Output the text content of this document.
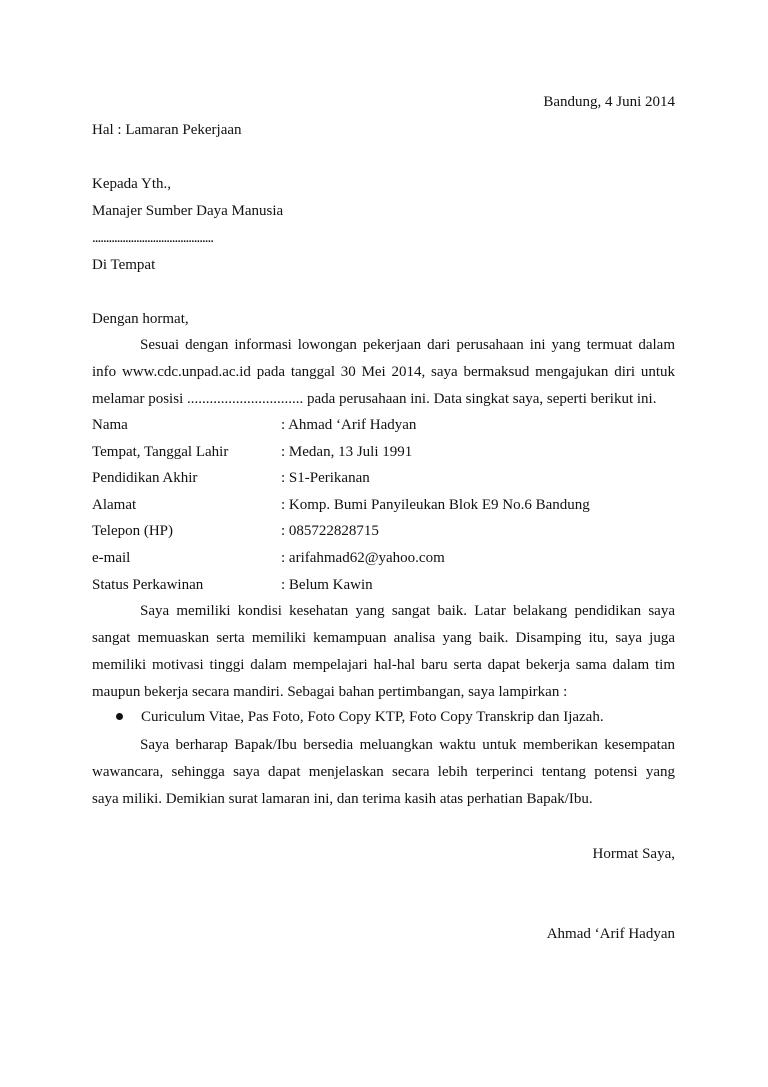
Bandung, 4 Juni 2014
Hal : Lamaran Pekerjaan
Kepada Yth.,
Manajer Sumber Daya Manusia
............................................
Di Tempat
Dengan hormat,
Sesuai dengan informasi lowongan pekerjaan dari perusahaan ini yang termuat dalam
info www.cdc.unpad.ac.id pada tanggal 30 Mei 2014, saya bermaksud mengajukan diri untuk
melamar posisi ............................... pada perusahaan ini. Data singkat saya, seperti berikut ini.
Nama	: Ahmad ‘Arif Hadyan
Tempat, Tanggal Lahir	: Medan, 13 Juli 1991
Pendidikan Akhir	: S1-Perikanan
Alamat	: Komp. Bumi Panyileukan Blok E9 No.6 Bandung
Telepon (HP)	: 085722828715
e-mail	: arifahmad62@yahoo.com
Status Perkawinan	: Belum Kawin
Saya memiliki kondisi kesehatan yang sangat baik. Latar belakang pendidikan saya
sangat memuaskan serta memiliki kemampuan analisa yang baik. Disamping itu, saya juga
memiliki motivasi tinggi dalam mempelajari hal-hal baru serta dapat bekerja sama dalam tim
maupun bekerja secara mandiri. Sebagai bahan pertimbangan, saya lampirkan :
Curiculum Vitae, Pas Foto, Foto Copy KTP, Foto Copy Transkrip dan Ijazah.
Saya berharap Bapak/Ibu bersedia meluangkan waktu untuk memberikan kesempatan
wawancara, sehingga saya dapat menjelaskan secara lebih terperinci tentang potensi yang
saya miliki. Demikian surat lamaran ini, dan terima kasih atas perhatian Bapak/Ibu.
Hormat Saya,
Ahmad ‘Arif Hadyan
